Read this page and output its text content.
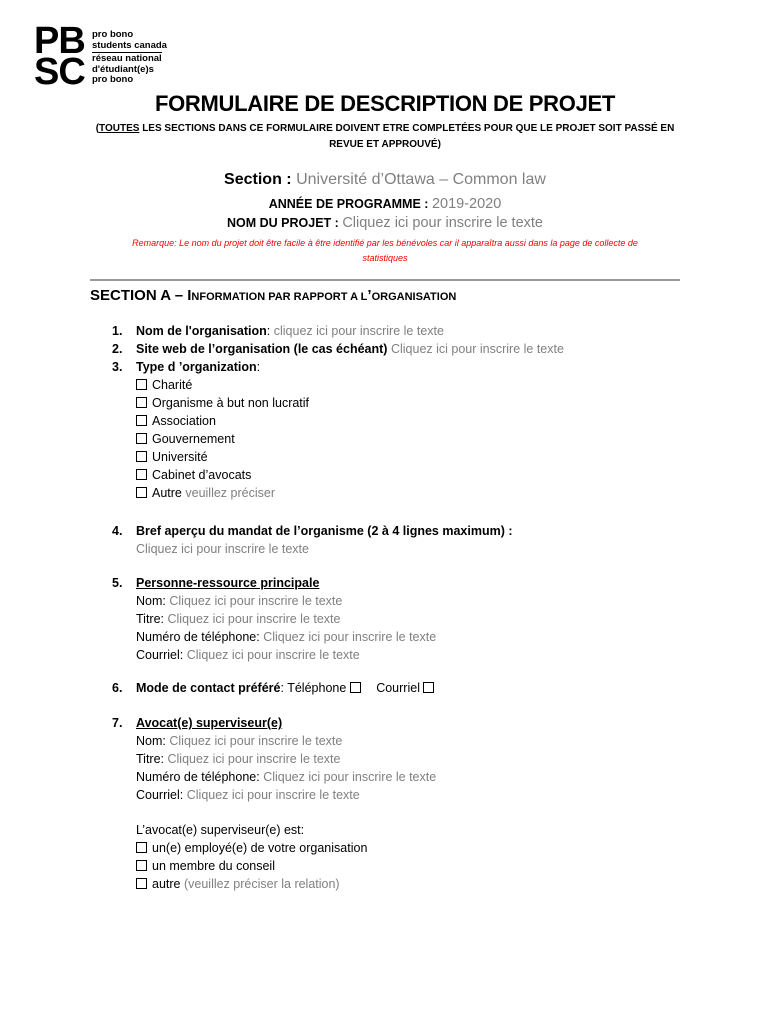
PB
SC
pro bono
students canada
réseau national
d'étudiant(e)s
pro bono
FORMULAIRE DE DESCRIPTION DE PROJET
(TOUTES LES SECTIONS DANS CE FORMULAIRE DOIVENT ETRE COMPLETÉES POUR QUE LE PROJET SOIT PASSÉ EN
REVUE ET APPROUVÉ)
Section : Université d’Ottawa – Common law
ANNÉE DE PROGRAMME : 2019-2020
NOM DU PROJET : Cliquez ici pour inscrire le texte
Remarque: Le nom du projet doit être facile à être identifié par les bénévoles car il apparaîtra aussi dans la page de collecte de
statistiques
SECTION A – INFORMATION PAR RAPPORT A L’ORGANISATION
1. Nom de l'organisation: cliquez ici pour inscrire le texte
2. Site web de l’organisation (le cas échéant) Cliquez ici pour inscrire le texte
3. Type d ’organization:
Charité
Organisme à but non lucratif
Association
Gouvernement
Université
Cabinet d’avocats
Autre veuillez préciser
4. Bref aperçu du mandat de l’organisme (2 à 4 lignes maximum) :
Cliquez ici pour inscrire le texte
5. Personne-ressource principale
Nom: Cliquez ici pour inscrire le texte
Titre: Cliquez ici pour inscrire le texte
Numéro de téléphone: Cliquez ici pour inscrire le texte
Courriel: Cliquez ici pour inscrire le texte
6. Mode de contact préféré: Téléphone Courriel
7. Avocat(e) superviseur(e)
Nom: Cliquez ici pour inscrire le texte
Titre: Cliquez ici pour inscrire le texte
Numéro de téléphone: Cliquez ici pour inscrire le texte
Courriel: Cliquez ici pour inscrire le texte
L’avocat(e) superviseur(e) est:
un(e) employé(e) de votre organisation
un membre du conseil
autre (veuillez préciser la relation)
